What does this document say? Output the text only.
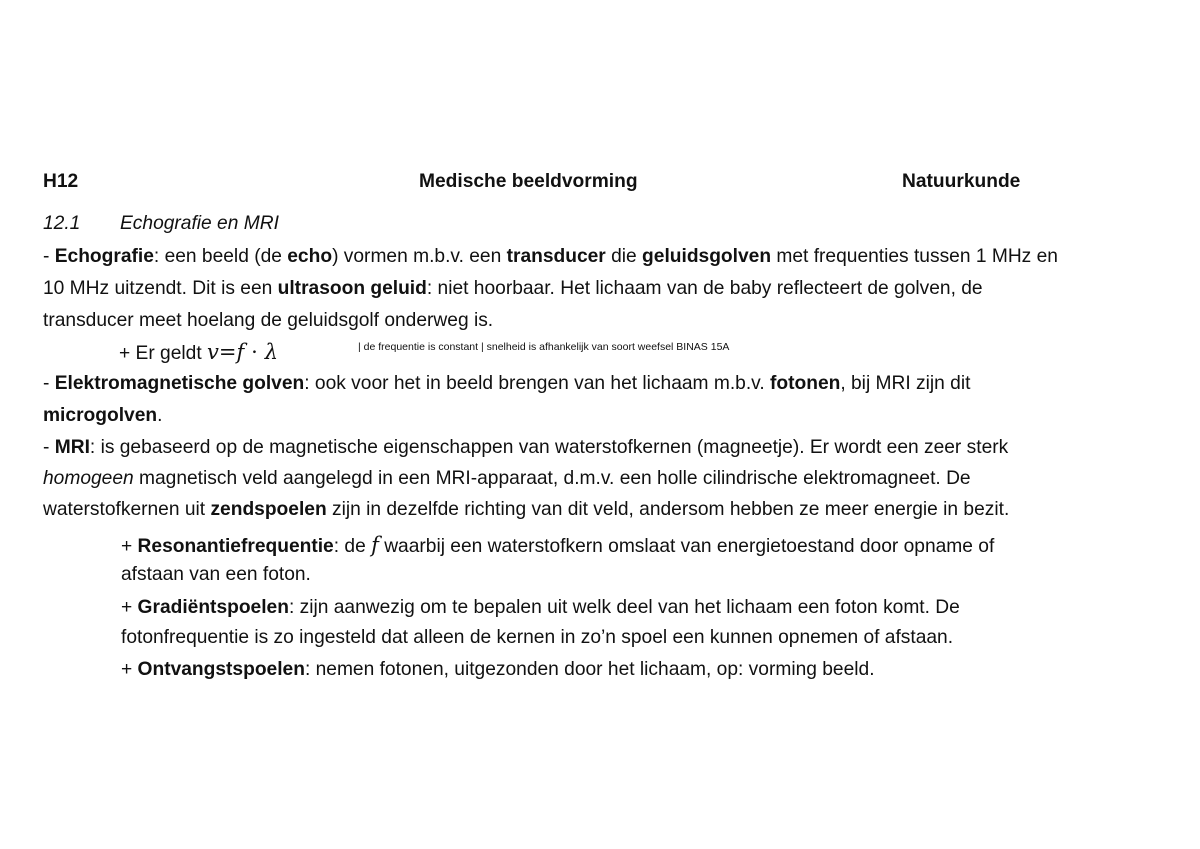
H12	Medische beeldvorming	Natuurkunde
12.1 Echografie en MRI
- Echografie: een beeld (de echo) vormen m.b.v. een transducer die geluidsgolven met frequenties tussen 1 MHz en
10 MHz uitzendt. Dit is een ultrasoon geluid: niet hoorbaar. Het lichaam van de baby reflecteert de golven, de
transducer meet hoelang de geluidsgolf onderweg is.
+ Er geldt v=f ⋅ λ	| de frequentie is constant | snelheid is afhankelijk van soort weefsel BINAS 15A
- Elektromagnetische golven: ook voor het in beeld brengen van het lichaam m.b.v. fotonen, bij MRI zijn dit
microgolven.
- MRI: is gebaseerd op de magnetische eigenschappen van waterstofkernen (magneetje). Er wordt een zeer sterk
homogeen magnetisch veld aangelegd in een MRI-apparaat, d.m.v. een holle cilindrische elektromagneet. De
waterstofkernen uit zendspoelen zijn in dezelfde richting van dit veld, andersom hebben ze meer energie in bezit.
+ Resonantiefrequentie: de f waarbij een waterstofkern omslaat van energietoestand door opname of
afstaan van een foton.
+ Gradiëntspoelen: zijn aanwezig om te bepalen uit welk deel van het lichaam een foton komt. De
fotonfrequentie is zo ingesteld dat alleen de kernen in zo’n spoel een kunnen opnemen of afstaan.
+ Ontvangstspoelen: nemen fotonen, uitgezonden door het lichaam, op: vorming beeld.
